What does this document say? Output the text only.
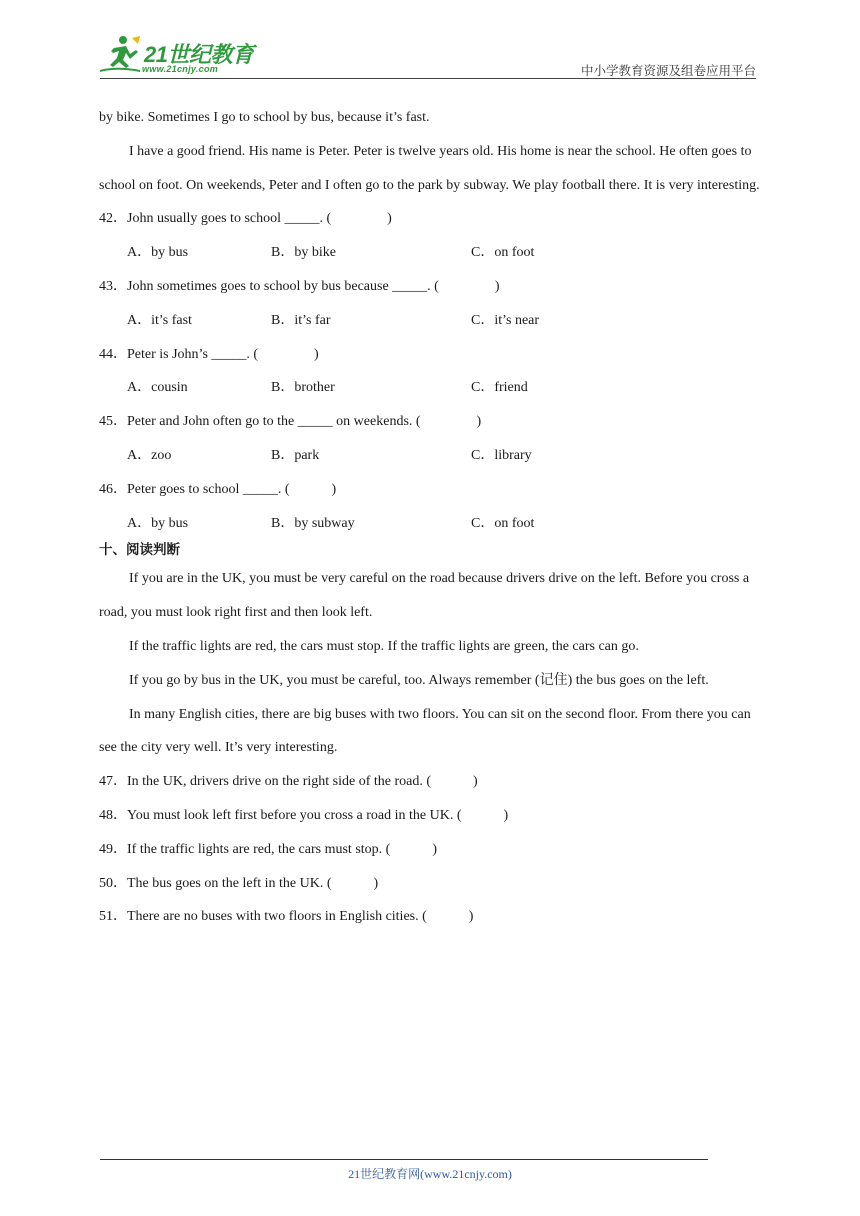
21世纪教育
www.21cnjy.com	中小学教育资源及组卷应用平台

by bike. Sometimes I go to school by bus, because it’s fast.

I have a good friend. His name is Peter. Peter is twelve years old. His home is near the school. He often goes to school on foot. On weekends, Peter and I often go to the park by subway. We play football there. It is very interesting.

42．John usually goes to school _____. (　　　　)

A．by bus	B．by bike	C．on foot

43．John sometimes goes to school by bus because _____. (　　　　)

A．it’s fast	B．it’s far	C．it’s near

44．Peter is John’s _____. (　　　　)

A．cousin	B．brother	C．friend

45．Peter and John often go to the _____ on weekends. (　　　　)

A．zoo	B．park	C．library

46．Peter goes to school _____. (　　　)

A．by bus	B．by subway	C．on foot

十、阅读判断

If you are in the UK, you must be very careful on the road because drivers drive on the left. Before you cross a road, you must look right first and then look left.

If the traffic lights are red, the cars must stop. If the traffic lights are green, the cars can go.

If you go by bus in the UK, you must be careful, too. Always remember (记住) the bus goes on the left.

In many English cities, there are big buses with two floors. You can sit on the second floor. From there you can see the city very well. It’s very interesting.

47．In the UK, drivers drive on the right side of the road. (　　　)

48．You must look left first before you cross a road in the UK. (　　　)

49．If the traffic lights are red, the cars must stop. (　　　)

50．The bus goes on the left in the UK. (　　　)

51．There are no buses with two floors in English cities. (　　　)

21世纪教育网(www.21cnjy.com)
